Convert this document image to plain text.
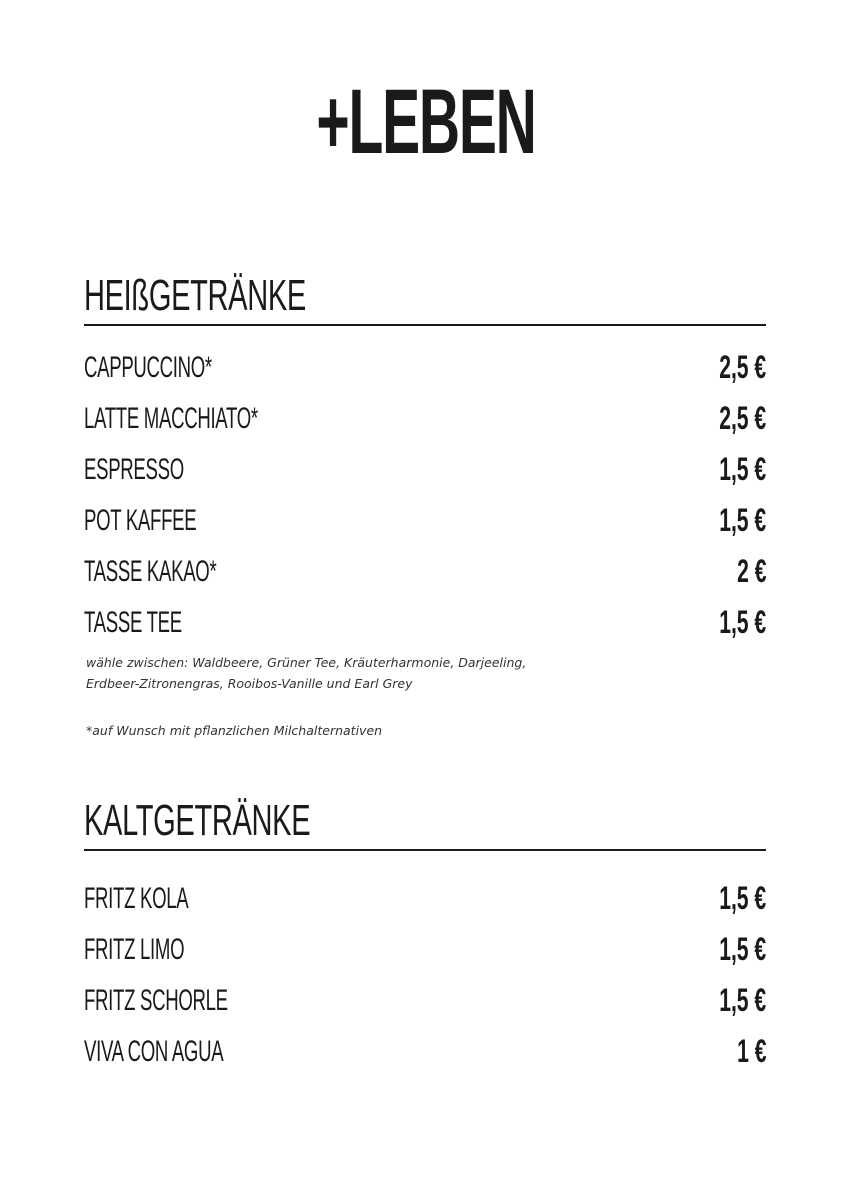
+LEBEN
HEIßGETRÄNKE
CAPPUCCINO*	2,5 €
LATTE MACCHIATO*	2,5 €
ESPRESSO	1,5 €
POT KAFFEE	1,5 €
TASSE KAKAO*	2 €
TASSE TEE	1,5 €
wähle zwischen: Waldbeere, Grüner Tee, Kräuterharmonie, Darjeeling,
Erdbeer-Zitronengras, Rooibos-Vanille und Earl Grey
*auf Wunsch mit pflanzlichen Milchalternativen
KALTGETRÄNKE
FRITZ KOLA	1,5 €
FRITZ LIMO	1,5 €
FRITZ SCHORLE	1,5 €
VIVA CON AGUA	1 €
